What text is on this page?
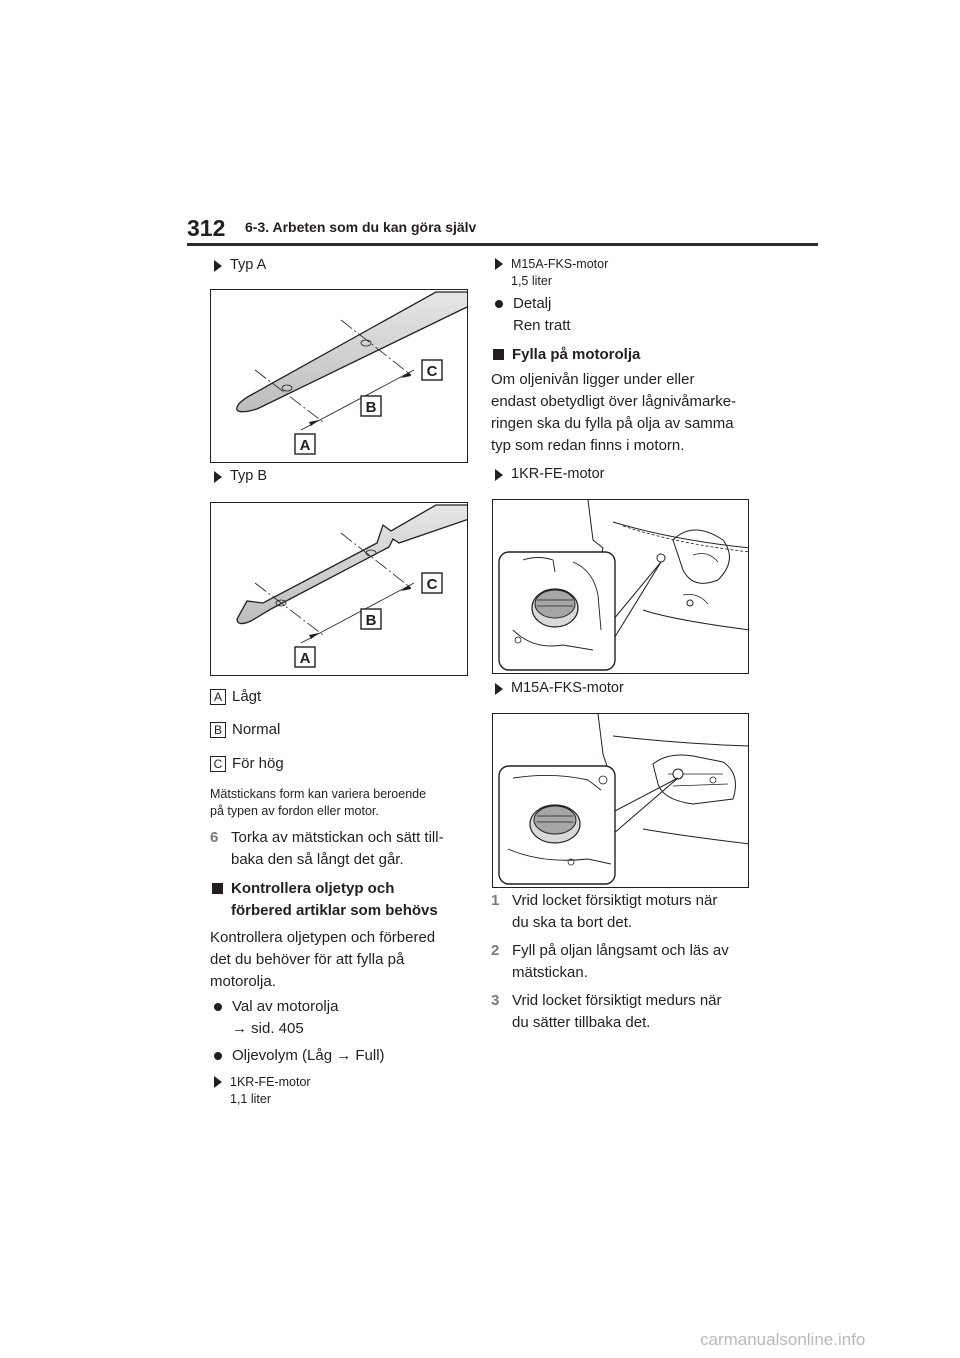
312 6-3. Arbeten som du kan göra själv
Typ A
A
B
C
Typ B
A
B
C
A Lågt
B Normal
C För hög
Mätstickans form kan variera beroende
på typen av fordon eller motor.
6 Torka av mätstickan och sätt till-
baka den så långt det går.
Kontrollera oljetyp och
förbered artiklar som behövs
Kontrollera oljetypen och förbered
det du behöver för att fylla på
motorolja.
Val av motorolja
→ sid. 405
Oljevolym (Låg → Full)
1KR-FE-motor
1,1 liter
M15A-FKS-motor
1,5 liter
Detalj
Ren tratt
Fylla på motorolja
Om oljenivån ligger under eller
endast obetydligt över lågnivåmarke-
ringen ska du fylla på olja av samma
typ som redan finns i motorn.
1KR-FE-motor
M15A-FKS-motor
1 Vrid locket försiktigt moturs när
du ska ta bort det.
2 Fyll på oljan långsamt och läs av
mätstickan.
3 Vrid locket försiktigt medurs när
du sätter tillbaka det.
carmanualsonline.info
